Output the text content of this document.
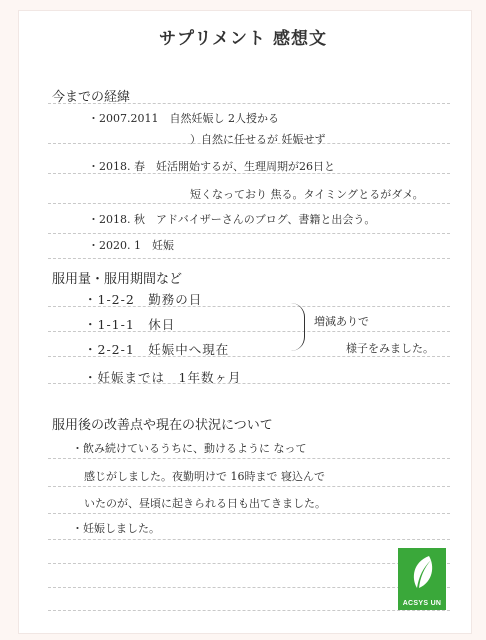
サプリメント 感想文
今までの経緯
服用量・服用期間など
服用後の改善点や現在の状況について
・2007.2011　自然妊娠し 2人授かる
）自然に任せるが 妊娠せず
・2018. 春　妊活開始するが、生理周期が26日と
短くなっており 焦る。タイミングとるがダメ。
・2018. 秋　アドバイザーさんのブログ、書籍と出会う。
・2020. 1　妊娠
・1-2-2　勤務の日
・1-1-1　休日
・2-2-1　妊娠中へ現在
・妊娠までは　1年数ヶ月
増減ありで
様子をみました。
・飲み続けているうちに、動けるように なって
感じがしました。夜勤明けで 16時まで 寝込んで
いたのが、昼頃に起きられる日も出てきました。
・妊娠しました。
ACSYS UN
